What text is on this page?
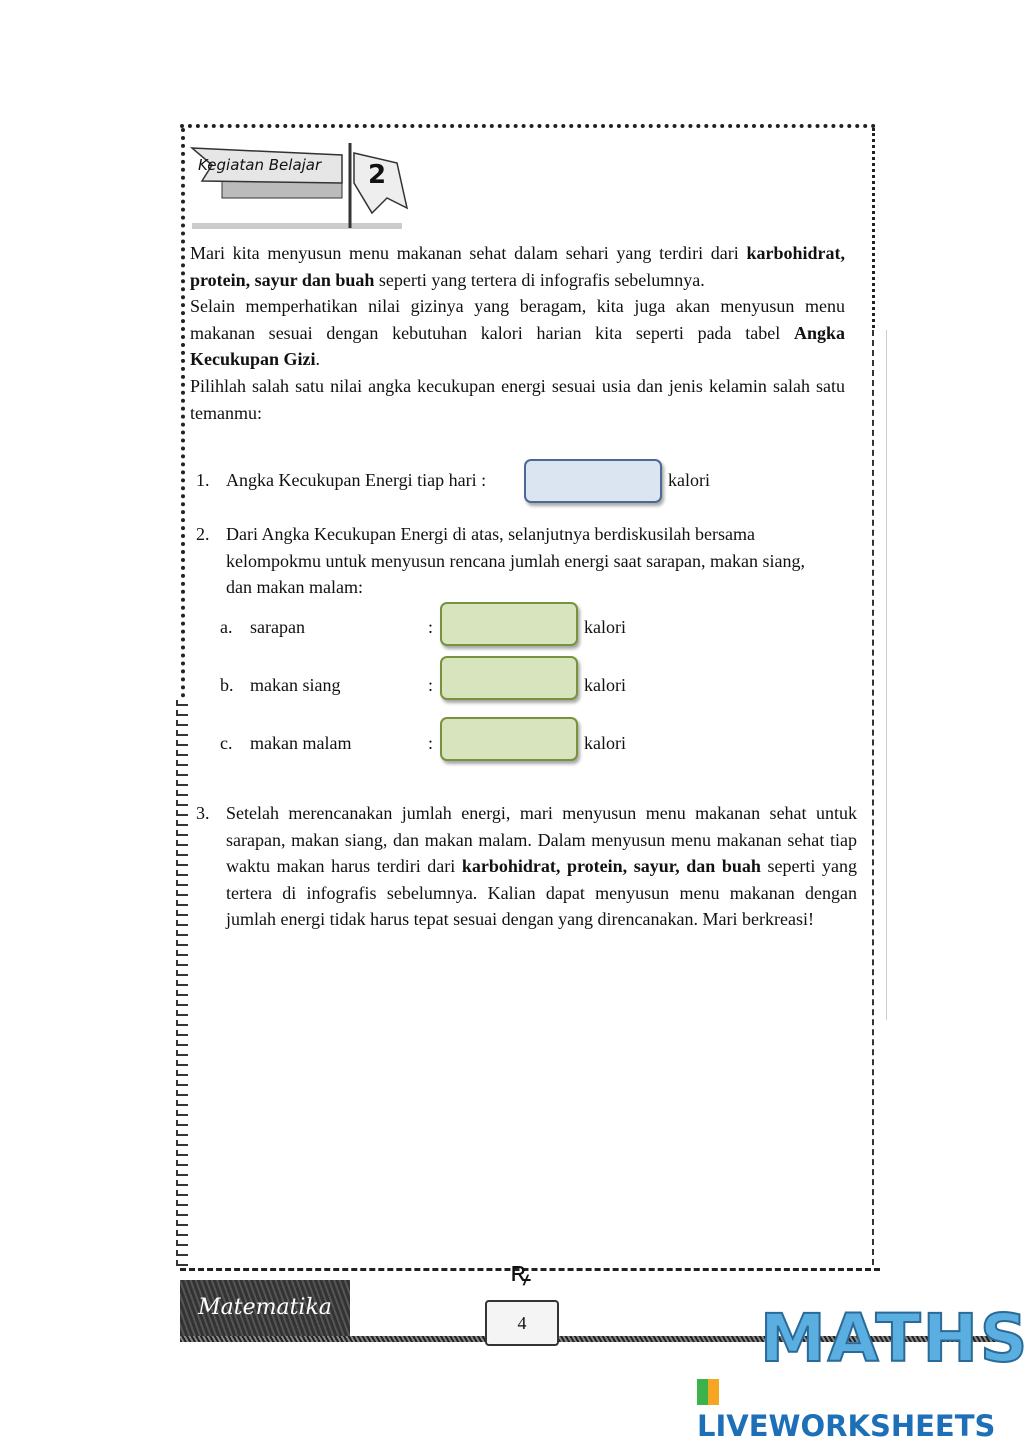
Kegiatan Belajar 2

Mari kita menyusun menu makanan sehat dalam sehari yang terdiri dari karbohidrat, protein, sayur dan buah seperti yang tertera di infografis sebelumnya.

Selain memperhatikan nilai gizinya yang beragam, kita juga akan menyusun menu makanan sesuai dengan kebutuhan kalori harian kita seperti pada tabel Angka Kecukupan Gizi.

Pilihlah salah satu nilai angka kecukupan energi sesuai usia dan jenis kelamin salah satu temanmu:

1. Angka Kecukupan Energi tiap hari :	kalori
2. Dari Angka Kecukupan Energi di atas, selanjutnya berdiskusilah bersama kelompokmu untuk menyusun rencana jumlah energi saat sarapan, makan siang, dan makan malam:
a. sarapan	:	kalori
b. makan siang	:	kalori
c. makan malam	:	kalori
3. Setelah merencanakan jumlah energi, mari menyusun menu makanan sehat untuk sarapan, makan siang, dan makan malam. Dalam menyusun menu makanan sehat tiap waktu makan harus terdiri dari karbohidrat, protein, sayur, dan buah seperti yang tertera di infografis sebelumnya. Kalian dapat menyusun menu makanan dengan jumlah energi tidak harus tepat sesuai dengan yang direncanakan. Mari berkreasi!
ꝶ
Matematika
4	MATHS
LIVEWORKSHEETS
